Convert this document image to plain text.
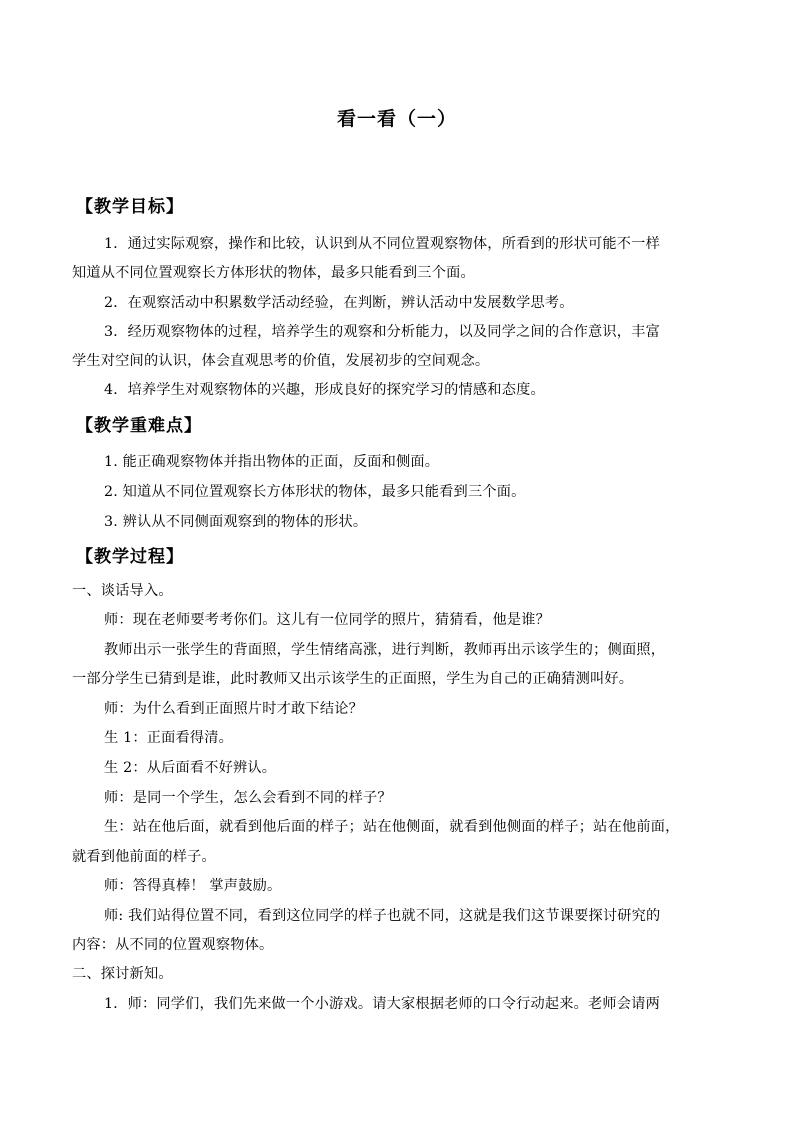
看一看（一）
【教学目标】
1．通过实际观察，操作和比较，认识到从不同位置观察物体，所看到的形状可能不一样
知道从不同位置观察长方体形状的物体，最多只能看到三个面。
2．在观察活动中积累数学活动经验，在判断，辨认活动中发展数学思考。
3．经历观察物体的过程，培养学生的观察和分析能力，以及同学之间的合作意识，丰富
学生对空间的认识，体会直观思考的价值，发展初步的空间观念。
4．培养学生对观察物体的兴趣，形成良好的探究学习的情感和态度。
【教学重难点】
1. 能正确观察物体并指出物体的正面，反面和侧面。
2. 知道从不同位置观察长方体形状的物体，最多只能看到三个面。
3. 辨认从不同侧面观察到的物体的形状。
【教学过程】
一、谈话导入。
师：现在老师要考考你们。这儿有一位同学的照片，猜猜看，他是谁？
教师出示一张学生的背面照，学生情绪高涨，进行判断，教师再出示该学生的；侧面照，
一部分学生已猜到是谁，此时教师又出示该学生的正面照，学生为自己的正确猜测叫好。
师：为什么看到正面照片时才敢下结论？
生 1：正面看得清。
生 2：从后面看不好辨认。
师：是同一个学生，怎么会看到不同的样子？
生：站在他后面，就看到他后面的样子；站在他侧面，就看到他侧面的样子；站在他前面，
就看到他前面的样子。
师：答得真棒！ 掌声鼓励。
师: 我们站得位置不同，看到这位同学的样子也就不同，这就是我们这节课要探讨研究的
内容：从不同的位置观察物体。
二、探讨新知。
1．师：同学们，我们先来做一个小游戏。请大家根据老师的口令行动起来。老师会请两
